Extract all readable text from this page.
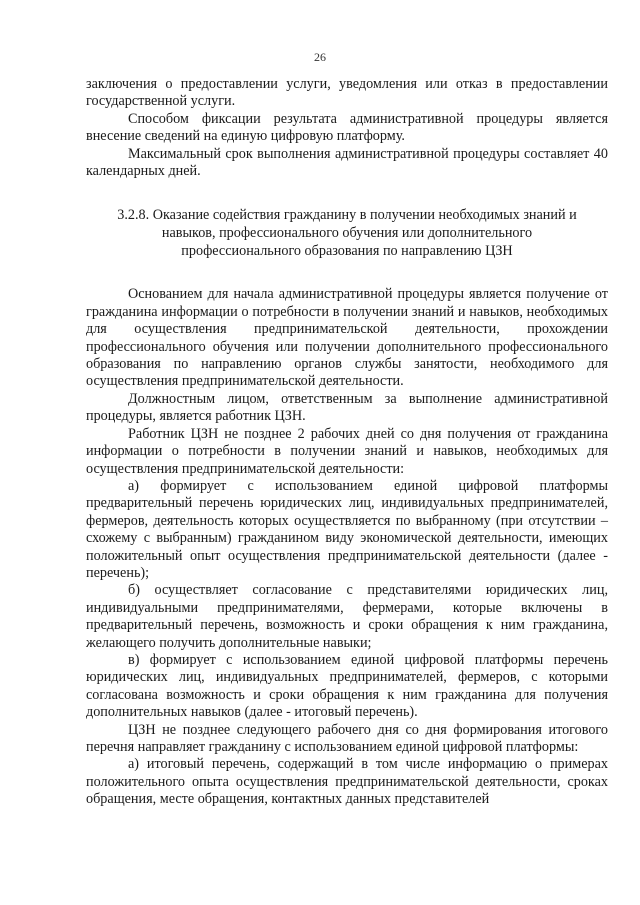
26

заключения о предоставлении услуги, уведомления или отказ в предоставлении государственной услуги.

Способом фиксации результата административной процедуры является внесение сведений на единую цифровую платформу.

Максимальный срок выполнения административной процедуры составляет 40 календарных дней.

3.2.8. Оказание содействия гражданину в получении необходимых знаний и навыков, профессионального обучения или дополнительного профессионального образования по направлению ЦЗН

Основанием для начала административной процедуры является получение от гражданина информации о потребности в получении знаний и навыков, необходимых для осуществления предпринимательской деятельности, прохождении профессионального обучения или получении дополнительного профессионального образования по направлению органов службы занятости, необходимого для осуществления предпринимательской деятельности.

Должностным лицом, ответственным за выполнение административной процедуры, является работник ЦЗН.

Работник ЦЗН не позднее 2 рабочих дней со дня получения от гражданина информации о потребности в получении знаний и навыков, необходимых для осуществления предпринимательской деятельности:

а) формирует с использованием единой цифровой платформы предварительный перечень юридических лиц, индивидуальных предпринимателей, фермеров, деятельность которых осуществляется по выбранному (при отсутствии – схожему с выбранным) гражданином виду экономической деятельности, имеющих положительный опыт осуществления предпринимательской деятельности (далее - перечень);

б) осуществляет согласование с представителями юридических лиц, индивидуальными предпринимателями, фермерами, которые включены в предварительный перечень, возможность и сроки обращения к ним гражданина, желающего получить дополнительные навыки;

в) формирует с использованием единой цифровой платформы перечень юридических лиц, индивидуальных предпринимателей, фермеров, с которыми согласована возможность и сроки обращения к ним гражданина для получения дополнительных навыков (далее - итоговый перечень).

ЦЗН не позднее следующего рабочего дня со дня формирования итогового перечня направляет гражданину с использованием единой цифровой платформы:

а) итоговый перечень, содержащий в том числе информацию о примерах положительного опыта осуществления предпринимательской деятельности, сроках обращения, месте обращения, контактных данных представителей
